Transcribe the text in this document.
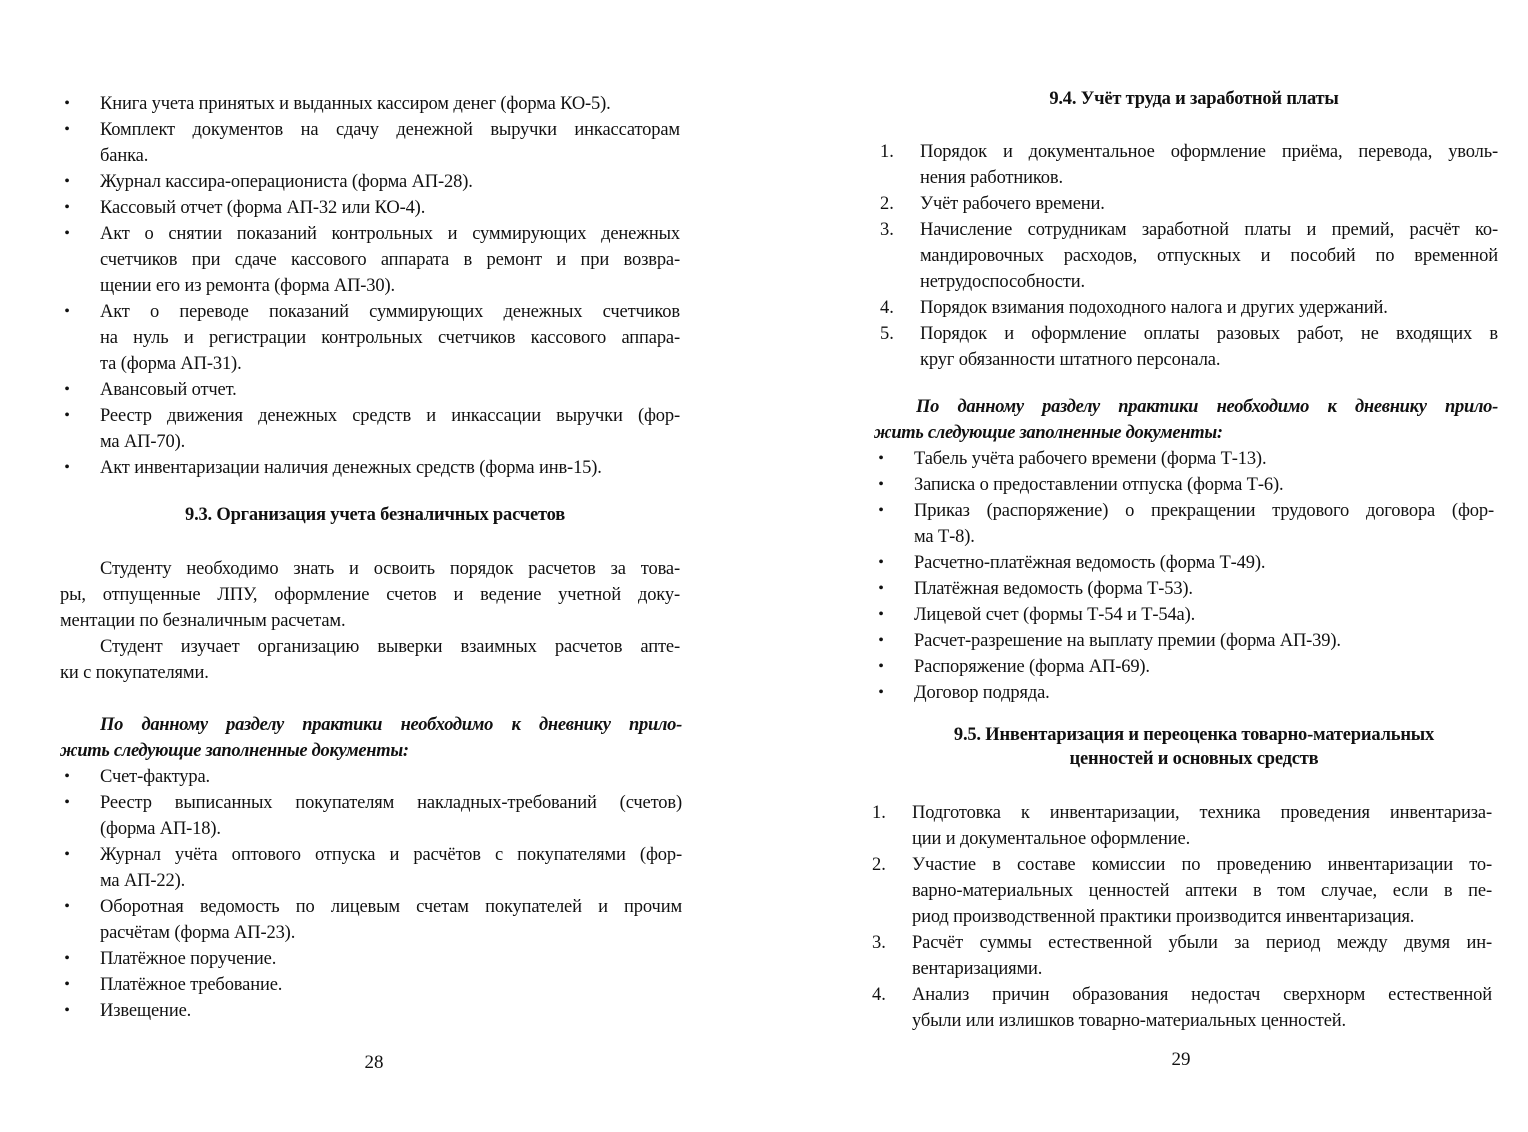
• Книга учета принятых и выданных кассиром денег (форма КО-5).
• Комплект документов на сдачу денежной выручки инкассаторам
банка.
• Журнал кассира-операциониста (форма АП-28).
• Кассовый отчет (форма АП-32 или КО-4).
• Акт о снятии показаний контрольных и суммирующих денежных
счетчиков при сдаче кассового аппарата в ремонт и при возвра-
щении его из ремонта (форма АП-30).
• Акт о переводе показаний суммирующих денежных счетчиков
на нуль и регистрации контрольных счетчиков кассового аппара-
та (форма АП-31).
• Авансовый отчет.
• Реестр движения денежных средств и инкассации выручки (фор-
ма АП-70).
• Акт инвентаризации наличия денежных средств (форма инв-15).
9.3. Организация учета безналичных расчетов
Студенту необходимо знать и освоить порядок расчетов за това-
ры, отпущенные ЛПУ, оформление счетов и ведение учетной доку-
ментации по безналичным расчетам.
Студент изучает организацию выверки взаимных расчетов апте-
ки с покупателями.
По данному разделу практики необходимо к дневнику прило-
жить следующие заполненные документы:
• Счет-фактура.
• Реестр выписанных покупателям накладных-требований (счетов)
(форма АП-18).
• Журнал учёта оптового отпуска и расчётов с покупателями (фор-
ма АП-22).
• Оборотная ведомость по лицевым счетам покупателей и прочим
расчётам (форма АП-23).
• Платёжное поручение.
• Платёжное требование.
• Извещение.
28
9.4. Учёт труда и заработной платы
1.	Порядок и документальное оформление приёма, перевода, уволь-
нения работников.
2.	Учёт рабочего времени.
3.	Начисление сотрудникам заработной платы и премий, расчёт ко-
мандировочных расходов, отпускных и пособий по временной
нетрудоспособности.
4.	Порядок взимания подоходного налога и других удержаний.
5.	Порядок и оформление оплаты разовых работ, не входящих в
круг обязанности штатного персонала.
По данному разделу практики необходимо к дневнику прило-
жить следующие заполненные документы:
• Табель учёта рабочего времени (форма Т-13).
• Записка о предоставлении отпуска (форма Т-6).
• Приказ (распоряжение) о прекращении трудового договора (фор-
ма Т-8).
• Расчетно-платёжная ведомость (форма Т-49).
• Платёжная ведомость (форма Т-53).
• Лицевой счет (формы Т-54 и Т-54а).
• Расчет-разрешение на выплату премии (форма АП-39).
• Распоряжение (форма АП-69).
• Договор подряда.
9.5. Инвентаризация и переоценка товарно-материальных
ценностей и основных средств
1.	Подготовка к инвентаризации, техника проведения инвентариза-
ции и документальное оформление.
2.	Участие в составе комиссии по проведению инвентаризации то-
варно-материальных ценностей аптеки в том случае, если в пе-
риод производственной практики производится инвентаризация.
3.	Расчёт суммы естественной убыли за период между двумя ин-
вентаризациями.
4.	Анализ причин образования недостач сверхнорм естественной
убыли или излишков товарно-материальных ценностей.
29
